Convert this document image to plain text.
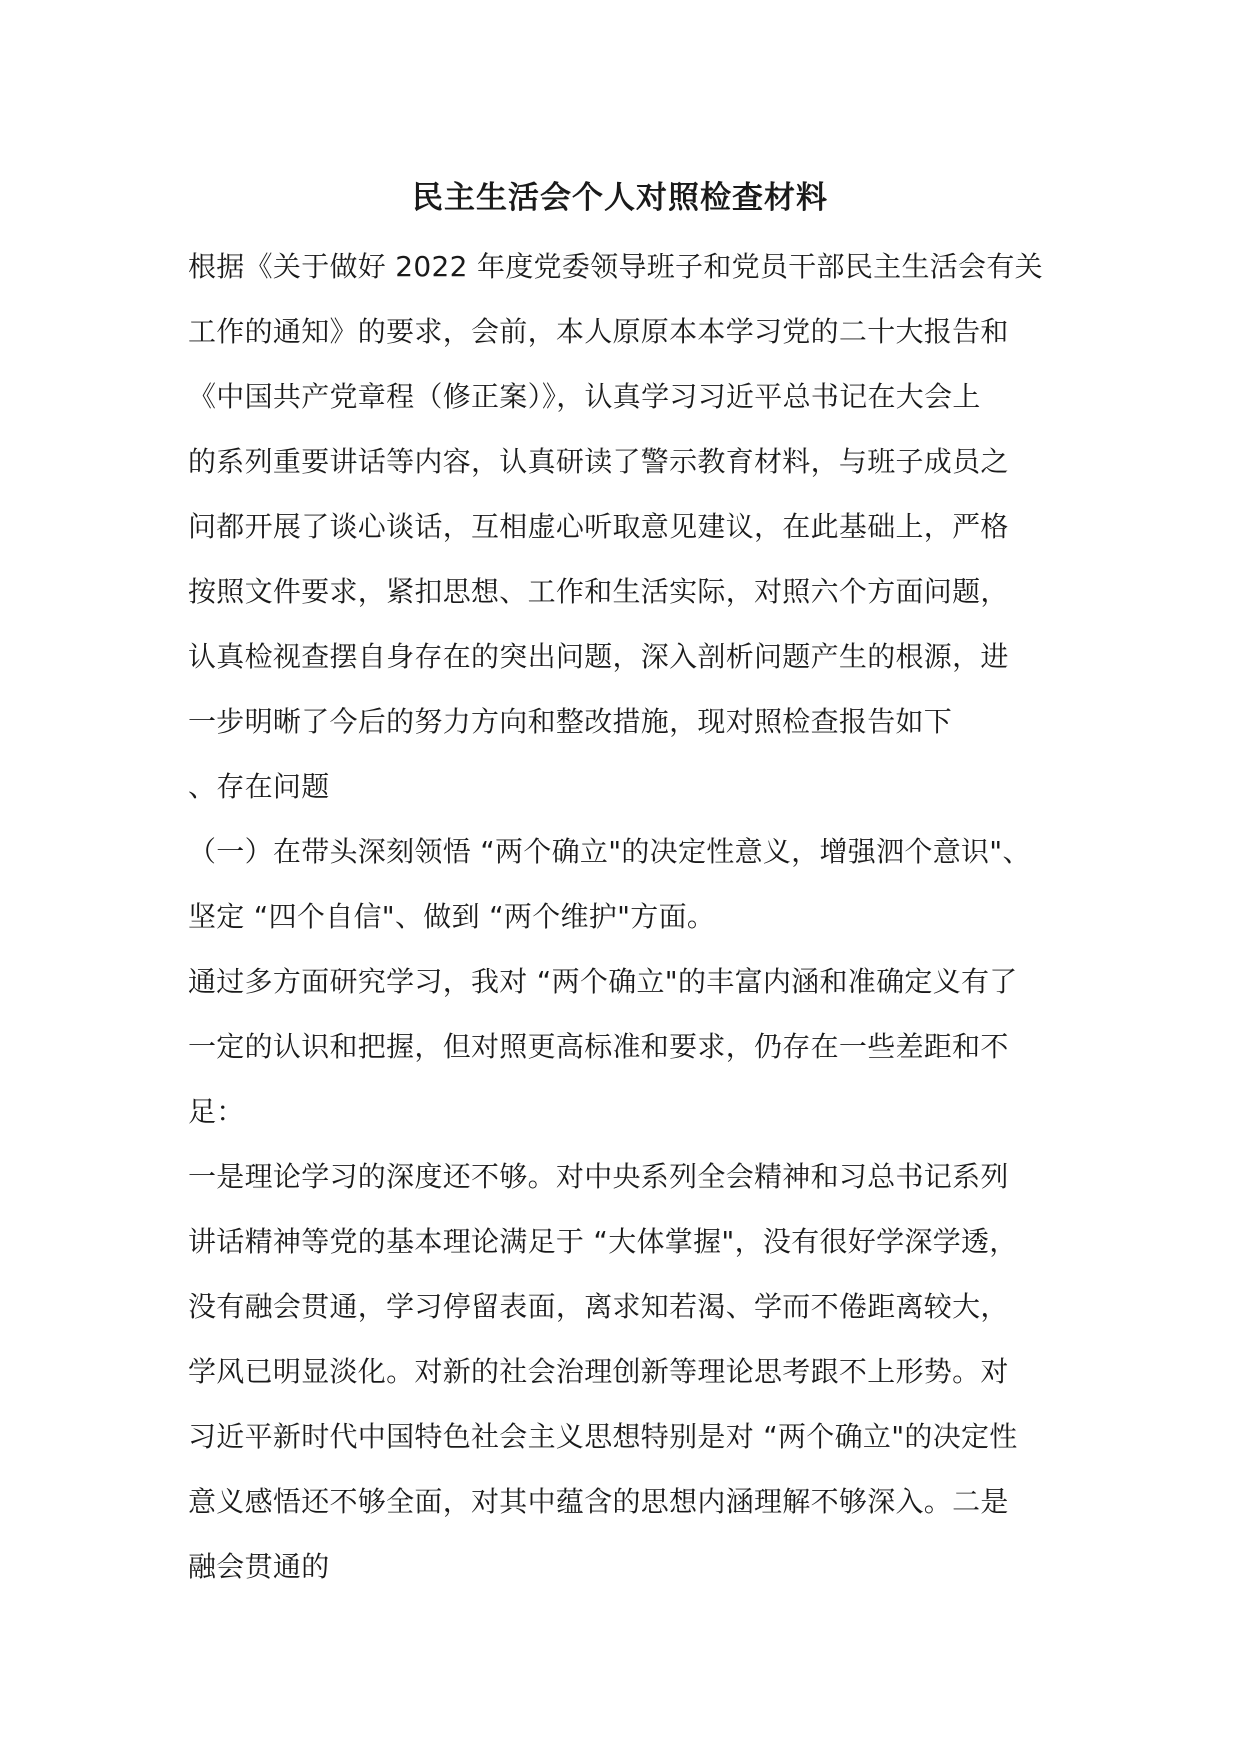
民主生活会个人对照检查材料
根据《关于做好 2022 年度党委领导班子和党员干部民主生活会有关
工作的通知》的要求，会前，本人原原本本学习党的二十大报告和
《中国共产党章程（修正案）》，认真学习习近平总书记在大会上
的系列重要讲话等内容，认真研读了警示教育材料，与班子成员之
问都开展了谈心谈话，互相虚心听取意见建议，在此基础上，严格
按照文件要求，紧扣思想、工作和生活实际，对照六个方面问题，
认真检视查摆自身存在的突出问题，深入剖析问题产生的根源，进
一步明晰了今后的努力方向和整改措施，现对照检查报告如下
、存在问题
（一）在带头深刻领悟 “两个确立"的决定性意义，增强泗个意识"、
坚定 “四个自信"、做到 “两个维护"方面。
通过多方面研究学习，我对 “两个确立"的丰富内涵和准确定义有了
一定的认识和把握，但对照更高标准和要求，仍存在一些差距和不
足：
一是理论学习的深度还不够。对中央系列全会精神和习总书记系列
讲话精神等党的基本理论满足于 “大体掌握"，没有很好学深学透，
没有融会贯通，学习停留表面，离求知若渴、学而不倦距离较大，
学风已明显淡化。对新的社会治理创新等理论思考跟不上形势。对
习近平新时代中国特色社会主义思想特别是对 “两个确立"的决定性
意义感悟还不够全面，对其中蕴含的思想内涵理解不够深入。二是
融会贯通的
